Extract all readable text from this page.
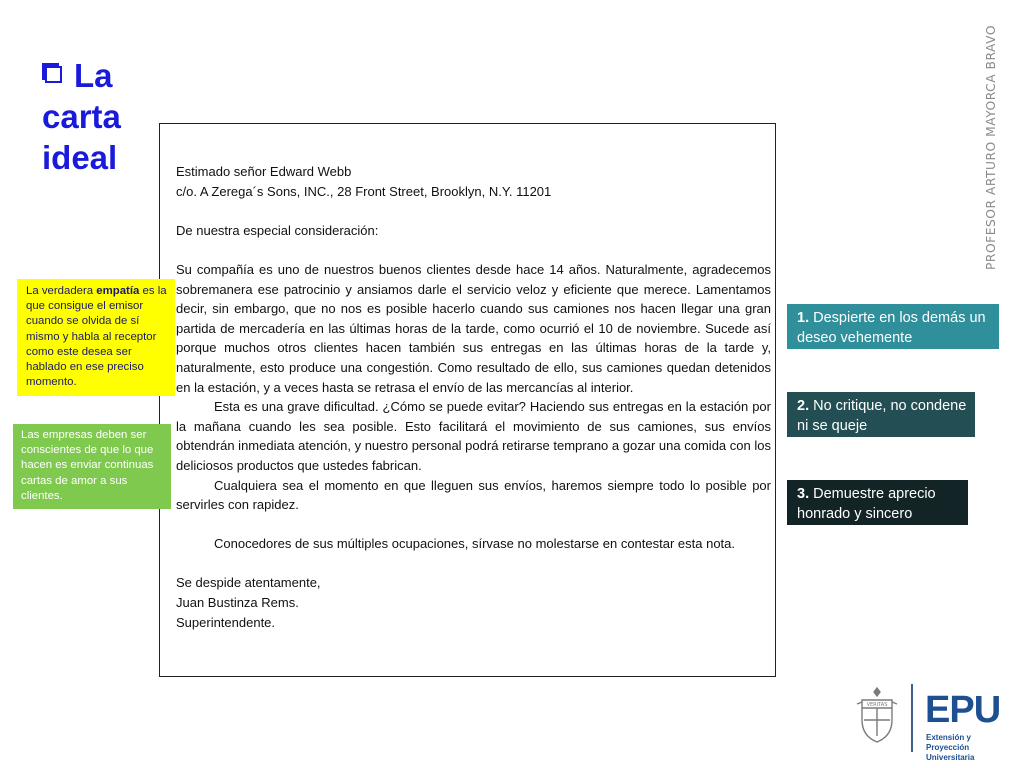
La
carta
ideal	PROFESOR ARTURO MAYORCA BRAVO

Estimado señor Edward Webb

c/o. A Zerega´s Sons, INC., 28 Front Street, Brooklyn, N.Y. 11201

De nuestra especial consideración:

Su compañía es uno de nuestros buenos clientes desde hace 14 años. Naturalmente, agradecemos sobremanera ese patrocinio y ansiamos darle el servicio veloz y eficiente que merece. Lamentamos decir, sin embargo, que no nos es posible hacerlo cuando sus camiones nos hacen llegar una gran partida de mercadería en las últimas horas de la tarde, como ocurrió el 10 de noviembre. Sucede así porque muchos otros clientes hacen también sus entregas en las últimas horas de la tarde y, naturalmente, esto produce una congestión. Como resultado de ello, sus camiones quedan detenidos en la estación, y a veces hasta se retrasa el envío de las mercancías al interior.

Esta es una grave dificultad. ¿Cómo se puede evitar? Haciendo sus entregas en la estación por la mañana cuando les sea posible. Esto facilitará el movimiento de sus camiones, sus envíos obtendrán inmediata atención, y nuestro personal podrá retirarse temprano a gozar una comida con los deliciosos productos que ustedes fabrican.

Cualquiera sea el momento en que lleguen sus envíos, haremos siempre todo lo posible por servirles con rapidez.

Conocedores de sus múltiples ocupaciones, sírvase no molestarse en contestar esta nota.

Se despide atentamente,

Juan Bustinza Rems.

Superintendente.

La verdadera empatía es la que consigue el emisor cuando se olvida de sí mismo y habla al receptor como este desea ser hablado en ese preciso momento.
Las empresas deben ser conscientes de que lo que hacen es enviar continuas cartas de amor a sus clientes.
1. Despierte en los demás un deseo vehemente
2. No critique, no condene ni se queje
3. Demuestre aprecio honrado y sincero
VERITAS EPU
Extensión y Proyección
Universitaria
